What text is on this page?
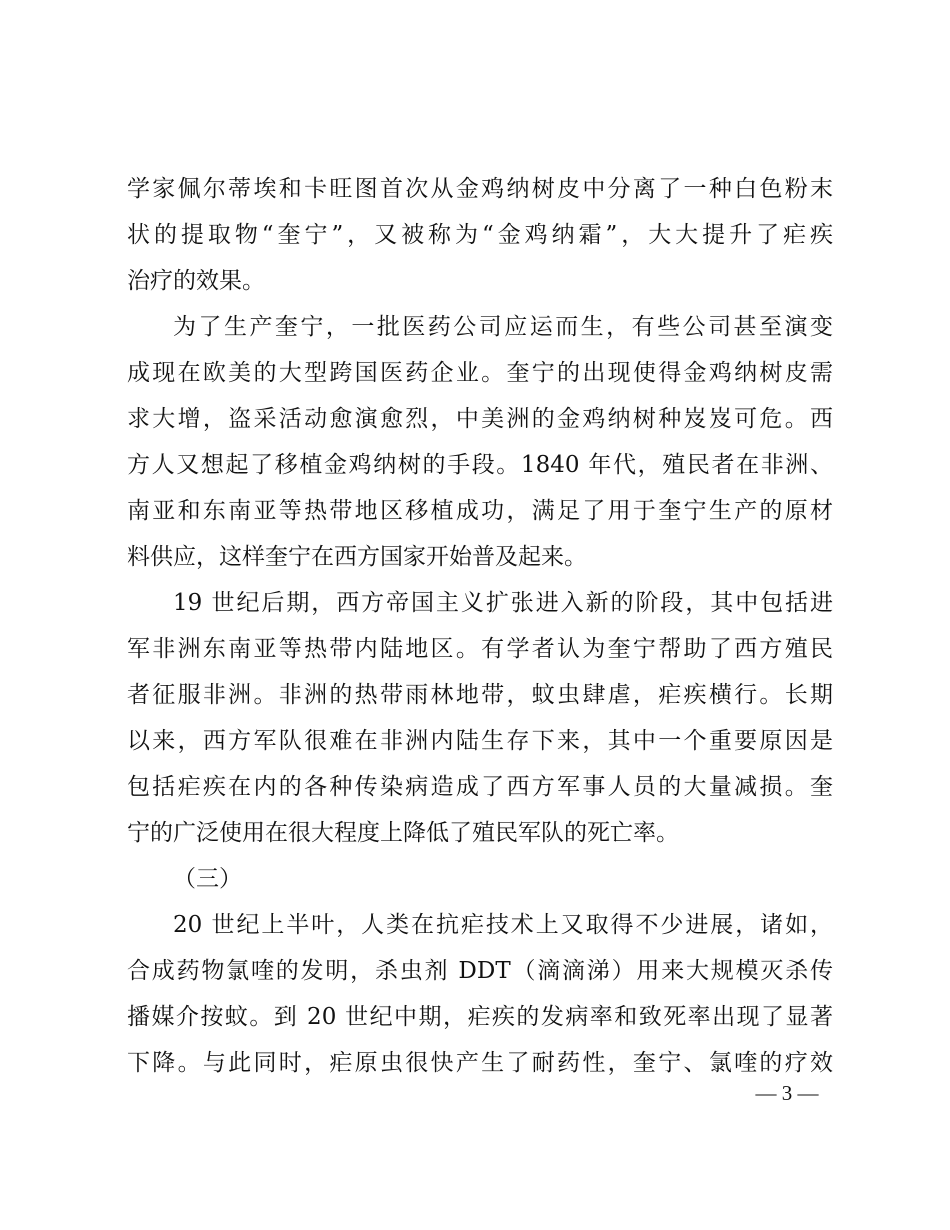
学家佩尔蒂埃和卡旺图首次从金鸡纳树皮中分离了一种白色粉末
状的提取物“奎宁”，又被称为“金鸡纳霜”，大大提升了疟疾
治疗的效果。
为了生产奎宁，一批医药公司应运而生，有些公司甚至演变
成现在欧美的大型跨国医药企业。奎宁的出现使得金鸡纳树皮需
求大增，盗采活动愈演愈烈，中美洲的金鸡纳树种岌岌可危。西
方人又想起了移植金鸡纳树的手段。1840 年代，殖民者在非洲、
南亚和东南亚等热带地区移植成功，满足了用于奎宁生产的原材
料供应，这样奎宁在西方国家开始普及起来。
19 世纪后期，西方帝国主义扩张进入新的阶段，其中包括进
军非洲东南亚等热带内陆地区。有学者认为奎宁帮助了西方殖民
者征服非洲。非洲的热带雨林地带，蚊虫肆虐，疟疾横行。长期
以来，西方军队很难在非洲内陆生存下来，其中一个重要原因是
包括疟疾在内的各种传染病造成了西方军事人员的大量减损。奎
宁的广泛使用在很大程度上降低了殖民军队的死亡率。
（三）
20 世纪上半叶，人类在抗疟技术上又取得不少进展，诸如，
合成药物氯喹的发明，杀虫剂 DDT（滴滴涕）用来大规模灭杀传
播媒介按蚊。到 20 世纪中期，疟疾的发病率和致死率出现了显著
下降。与此同时，疟原虫很快产生了耐药性，奎宁、氯喹的疗效
— 3 —
